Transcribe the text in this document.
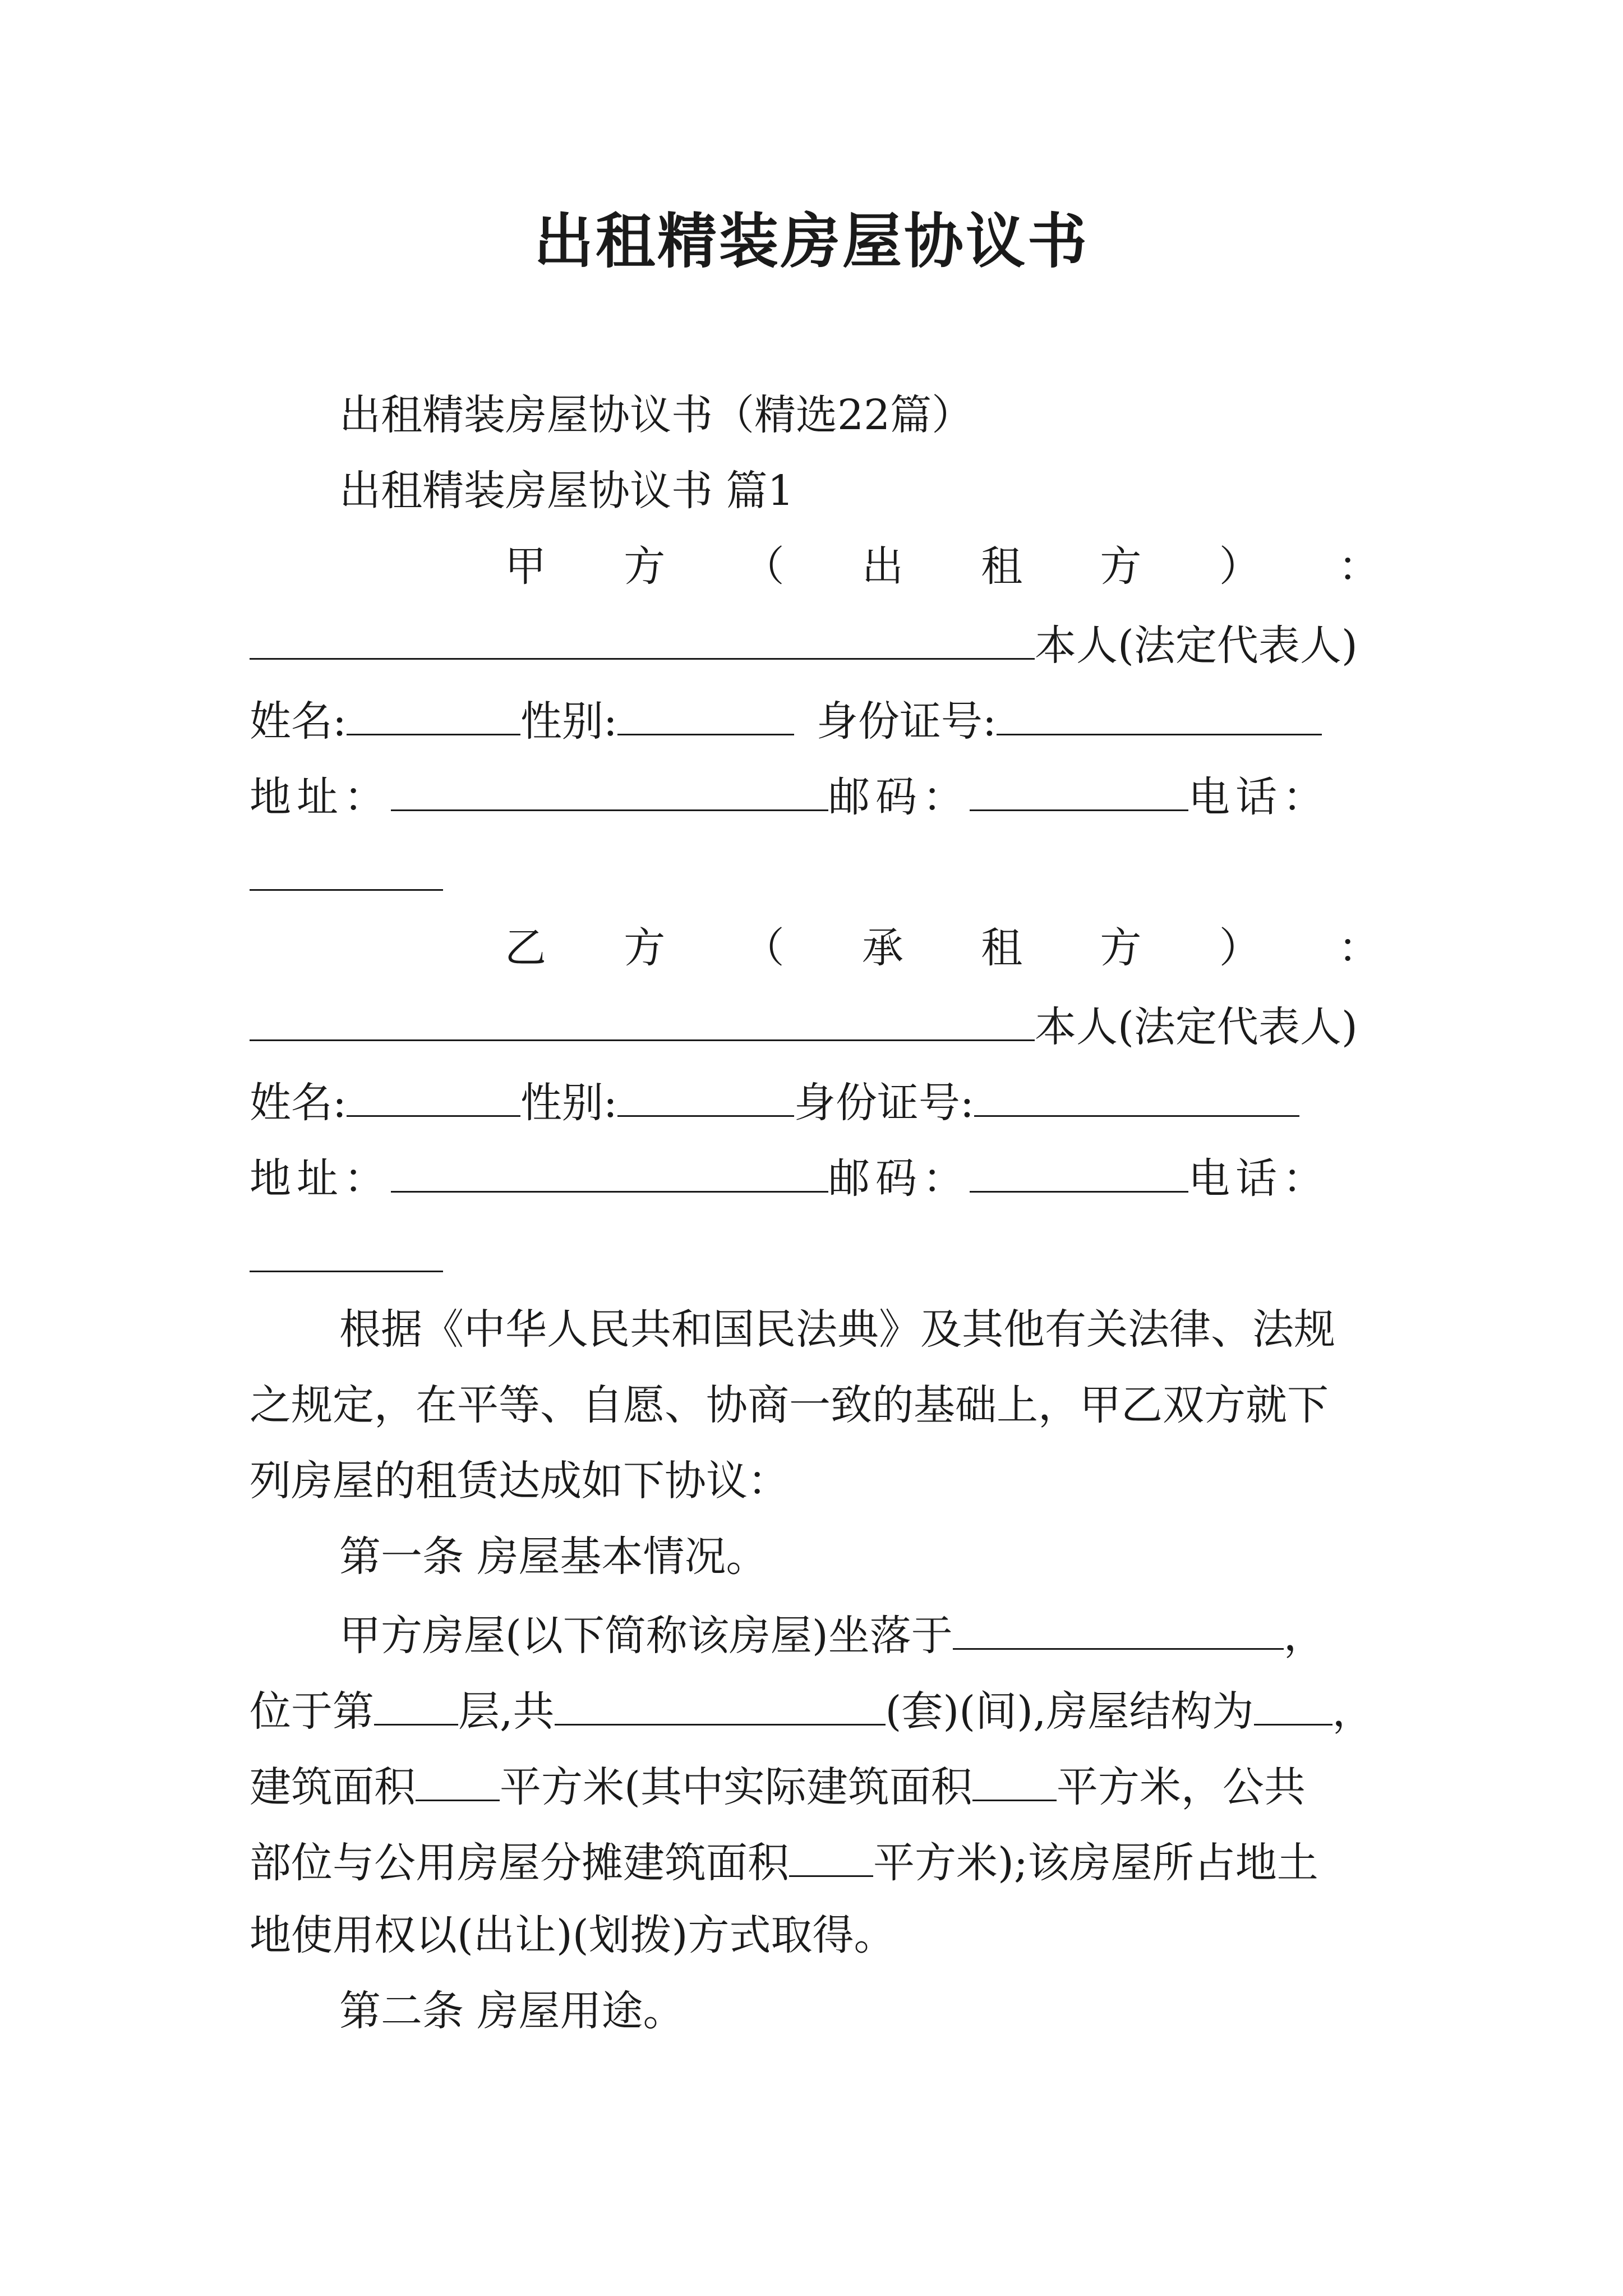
出租精装房屋协议书
出租精装房屋协议书（精选22篇）
出租精装房屋协议书 篇1
甲 方 （ 出 租 方 ） ：
本人(法定代表人)
姓名:	性别:	身份证号:
地址：	邮码：	电话：
乙 方 （ 承 租 方 ） ：
本人(法定代表人)
姓名:	性别:	身份证号:
地址：	邮码：	电话：
根据《中华人民共和国民法典》及其他有关法律、法规
之规定，在平等、自愿、协商一致的基础上，甲乙双方就下
列房屋的租赁达成如下协议：
第一条 房屋基本情况。
甲方房屋(以下简称该房屋)坐落于	，
位于第 层,共	(套)(间),房屋结构为 ，
建筑面积 平方米(其中实际建筑面积 平方米，公共
部位与公用房屋分摊建筑面积 平方米);该房屋所占地土
地使用权以(出让)(划拨)方式取得。
第二条 房屋用途。
